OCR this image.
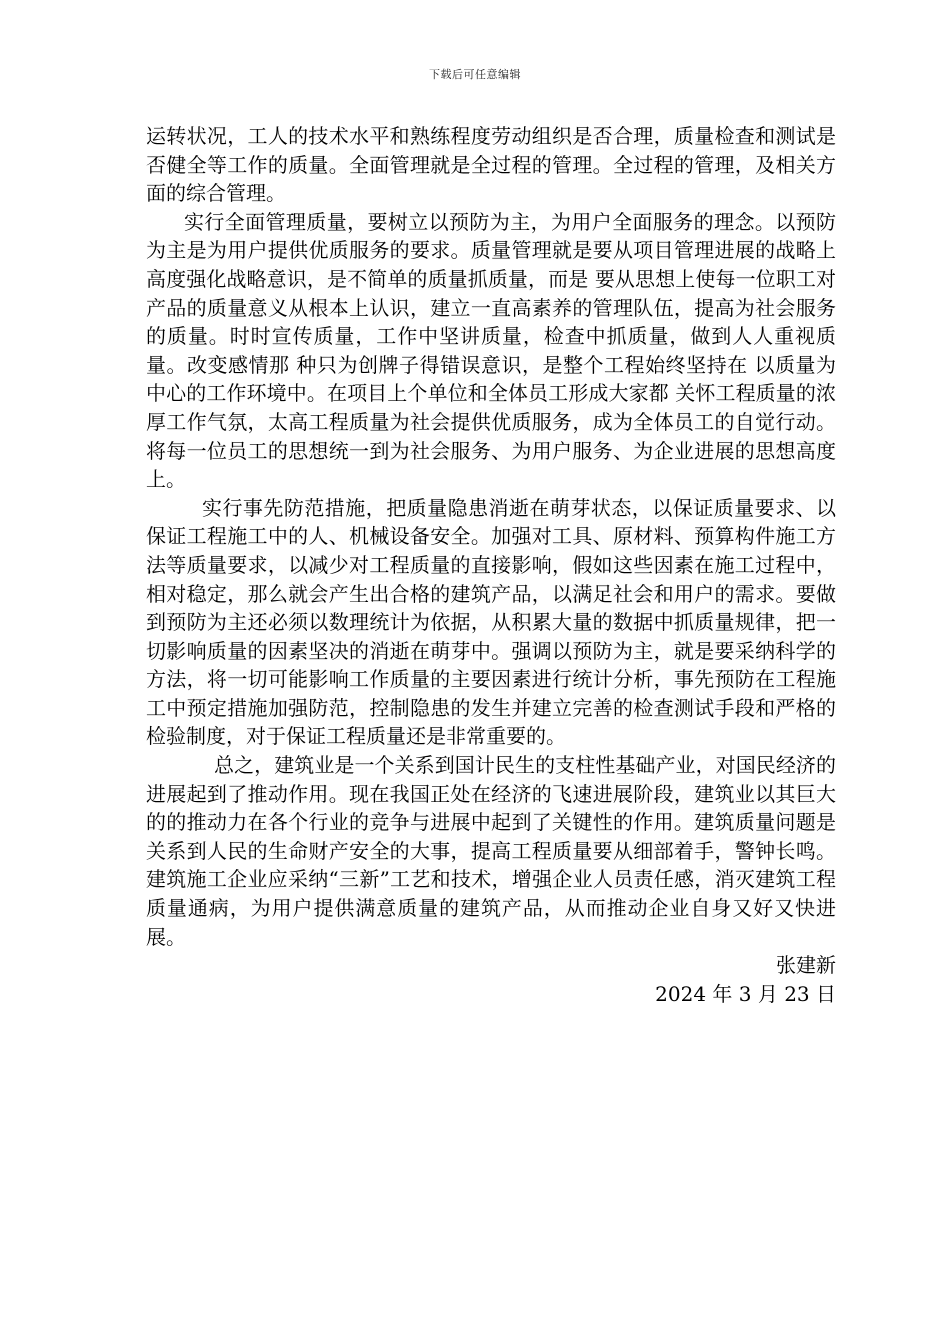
下载后可任意编辑

运转状况，工人的技术水平和熟练程度劳动组织是否合理，质量检查和测试是否健全等工作的质量。全面管理就是全过程的管理。全过程的管理，及相关方面的综合管理。

实行全面管理质量，要树立以预防为主，为用户全面服务的理念。以预防为主是为用户提供优质服务的要求。质量管理就是要从项目管理进展的战略上高度强化战略意识，是不简单的质量抓质量，而是 要从思想上使每一位职工对产品的质量意义从根本上认识，建立一直高素养的管理队伍，提高为社会服务的质量。时时宣传质量，工作中坚讲质量，检查中抓质量，做到人人重视质量。改变感情那 种只为创牌子得错误意识，是整个工程始终坚持在 以质量为中心的工作环境中。在项目上个单位和全体员工形成大家都 关怀工程质量的浓厚工作气氛，太高工程质量为社会提供优质服务，成为全体员工的自觉行动。将每一位员工的思想统一到为社会服务、为用户服务、为企业进展的思想高度上。

实行事先防范措施，把质量隐患消逝在萌芽状态，以保证质量要求、以保证工程施工中的人、机械设备安全。加强对工具、原材料、预算构件施工方法等质量要求，以减少对工程质量的直接影响，假如这些因素在施工过程中，相对稳定，那么就会产生出合格的建筑产品，以满足社会和用户的需求。要做到预防为主还必须以数理统计为依据，从积累大量的数据中抓质量规律，把一切影响质量的因素坚决的消逝在萌芽中。强调以预防为主，就是要采纳科学的方法，将一切可能影响工作质量的主要因素进行统计分析，事先预防在工程施工中预定措施加强防范，控制隐患的发生并建立完善的检查测试手段和严格的检验制度，对于保证工程质量还是非常重要的。

总之，建筑业是一个关系到国计民生的支柱性基础产业，对国民经济的进展起到了推动作用。现在我国正处在经济的飞速进展阶段，建筑业以其巨大的的推动力在各个行业的竞争与进展中起到了关键性的作用。建筑质量问题是关系到人民的生命财产安全的大事，提高工程质量要从细部着手，警钟长鸣。建筑施工企业应采纳“三新”工艺和技术，增强企业人员责任感，消灭建筑工程质量通病，为用户提供满意质量的建筑产品，从而推动企业自身又好又快进展。

张建新

2024 年 3 月 23 日
